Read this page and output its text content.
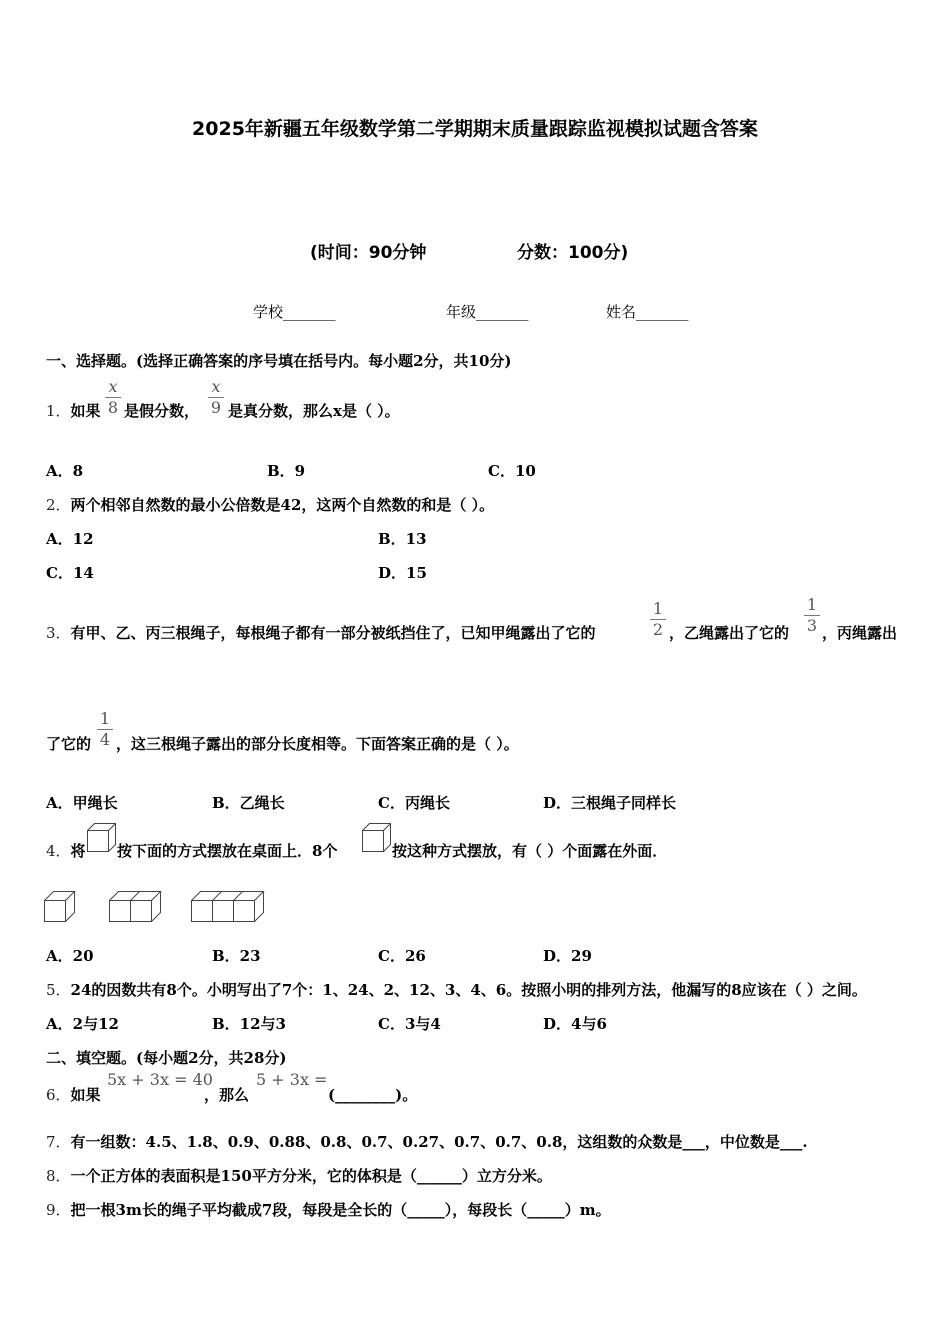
2025年新疆五年级数学第二学期期末质量跟踪监视模拟试题含答案
(时间：90分钟	分数：100分)
学校_______	年级_______	姓名_______
一、选择题。(选择正确答案的序号填在括号内。每小题2分，共10分)
1．如果
x
8 是假分数，
x
9 是真分数，那么x是（ ）。
A．8	B．9	C．10
2．两个相邻自然数的最小公倍数是42，这两个自然数的和是（ ）。
A．12	B．13
C．14	D．15
3．有甲、乙、丙三根绳子，每根绳子都有一部分被纸挡住了，已知甲绳露出了它的
1
2 ，乙绳露出了它的
1
3 ，丙绳露出
了它的
1
4 ，这三根绳子露出的部分长度相等。下面答案正确的是（ ）。
A．甲绳长	B．乙绳长	C．丙绳长	D．三根绳子同样长
4．将 按下面的方式摆放在桌面上．8个	按这种方式摆放，有（ ）个面露在外面．
A．20	B．23	C．26	D．29
5．24的因数共有8个。小明写出了7个：1、24、2、12、3、4、6。按照小明的排列方法，他漏写的8应该在（ ）之间。
A．2与12	B．12与3	C．3与4	D．4与6
二、填空题。(每小题2分，共28分)
6．如果
5x + 3x = 40
，那么
5 + 3x =
(________)。
7．有一组数：4.5、1.8、0.9、0.88、0.8、0.7、0.27、0.7、0.7、0.8，这组数的众数是___，中位数是___.
8．一个正方体的表面积是150平方分米，它的体积是（______）立方分米。
9．把一根3m长的绳子平均截成7段，每段是全长的（_____），每段长（_____）m。
